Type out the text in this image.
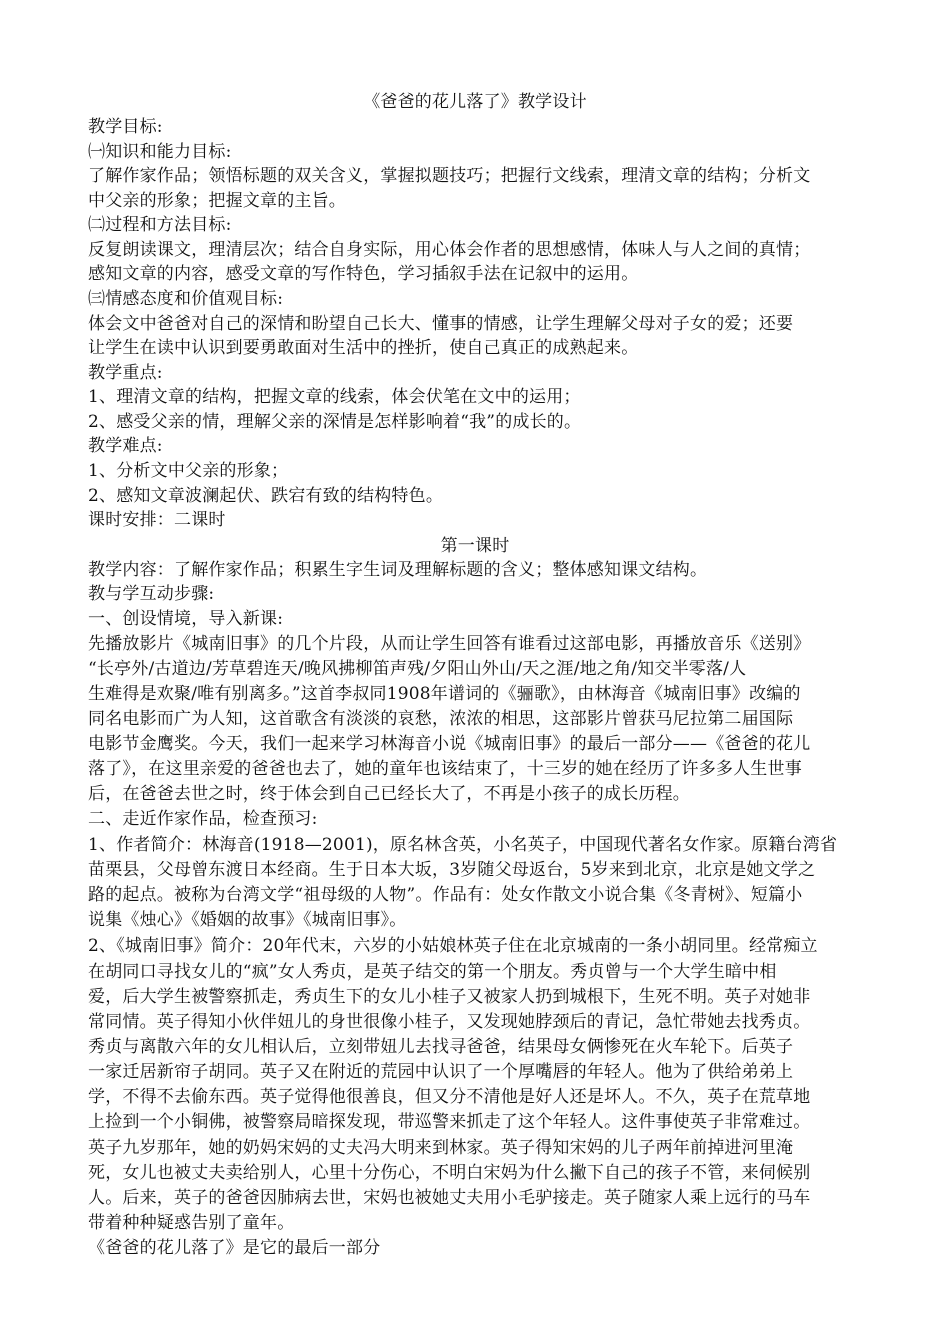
《爸爸的花儿落了》教学设计
教学目标:
㈠知识和能力目标:
了解作家作品；领悟标题的双关含义，掌握拟题技巧；把握行文线索，理清文章的结构；分析文
中父亲的形象；把握文章的主旨。
㈡过程和方法目标:
反复朗读课文，理清层次；结合自身实际，用心体会作者的思想感情，体味人与人之间的真情；
感知文章的内容，感受文章的写作特色，学习插叙手法在记叙中的运用。
㈢情感态度和价值观目标:
体会文中爸爸对自己的深情和盼望自己长大、懂事的情感，让学生理解父母对子女的爱；还要
让学生在读中认识到要勇敢面对生活中的挫折，使自己真正的成熟起来。
教学重点:
1、理清文章的结构，把握文章的线索，体会伏笔在文中的运用；
2、感受父亲的情，理解父亲的深情是怎样影响着“我”的成长的。
教学难点:
1、分析文中父亲的形象；
2、感知文章波澜起伏、跌宕有致的结构特色。
课时安排：二课时
第一课时
教学内容：了解作家作品；积累生字生词及理解标题的含义；整体感知课文结构。
教与学互动步骤:
一、创设情境，导入新课:
先播放影片《城南旧事》的几个片段，从而让学生回答有谁看过这部电影，再播放音乐《送别》
“长亭外/古道边/芳草碧连天/晚风拂柳笛声残/夕阳山外山/天之涯/地之角/知交半零落/人
生难得是欢聚/唯有别离多。”这首李叔同1908年谱词的《骊歌》，由林海音《城南旧事》改编的
同名电影而广为人知，这首歌含有淡淡的哀愁，浓浓的相思，这部影片曾获马尼拉第二届国际
电影节金鹰奖。今天，我们一起来学习林海音小说《城南旧事》的最后一部分——《爸爸的花儿
落了》，在这里亲爱的爸爸也去了，她的童年也该结束了，十三岁的她在经历了许多多人生世事
后，在爸爸去世之时，终于体会到自己已经长大了，不再是小孩子的成长历程。
二、走近作家作品，检查预习:
1、作者简介：林海音(1918—2001)，原名林含英，小名英子，中国现代著名女作家。原籍台湾省
苗栗县，父母曾东渡日本经商。生于日本大坂，3岁随父母返台，5岁来到北京，北京是她文学之
路的起点。被称为台湾文学“祖母级的人物”。作品有：处女作散文小说合集《冬青树》、短篇小
说集《烛心》《婚姻的故事》《城南旧事》。
2、《城南旧事》简介：20年代末，六岁的小姑娘林英子住在北京城南的一条小胡同里。经常痴立
在胡同口寻找女儿的“疯”女人秀贞，是英子结交的第一个朋友。秀贞曾与一个大学生暗中相
爱，后大学生被警察抓走，秀贞生下的女儿小桂子又被家人扔到城根下，生死不明。英子对她非
常同情。英子得知小伙伴妞儿的身世很像小桂子，又发现她脖颈后的青记，急忙带她去找秀贞。
秀贞与离散六年的女儿相认后，立刻带妞儿去找寻爸爸，结果母女俩惨死在火车轮下。后英子
一家迁居新帘子胡同。英子又在附近的荒园中认识了一个厚嘴唇的年轻人。他为了供给弟弟上
学，不得不去偷东西。英子觉得他很善良，但又分不清他是好人还是坏人。不久，英子在荒草地
上捡到一个小铜佛，被警察局暗探发现，带巡警来抓走了这个年轻人。这件事使英子非常难过。
英子九岁那年，她的奶妈宋妈的丈夫冯大明来到林家。英子得知宋妈的儿子两年前掉进河里淹
死，女儿也被丈夫卖给别人，心里十分伤心，不明白宋妈为什么撇下自己的孩子不管，来伺候别
人。后来，英子的爸爸因肺病去世，宋妈也被她丈夫用小毛驴接走。英子随家人乘上远行的马车
带着种种疑惑告别了童年。
《爸爸的花儿落了》是它的最后一部分
